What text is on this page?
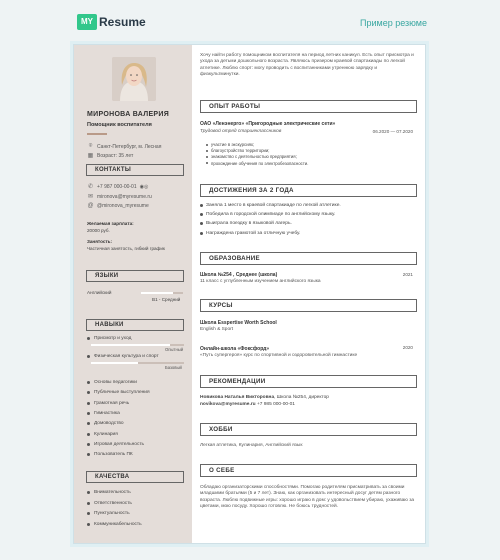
MY Resume	Пример резюме
МИРОНОВА ВАЛЕРИЯ
Помощник воспитателя
⌾ Санкт-Петербург, м. Лесная
▦ Возраст: 35 лет
КОНТАКТЫ
✆ +7 987 000-00-01 ◉◎
✉ mironova@myresume.ru
@ @mironova_myresume
Желаемая зарплата:
20000 руб.
Занятость:
Частичная занятость, гибкий график
ЯЗЫКИ
Английский
B1 - Средний
НАВЫКИ
Присмотр и уход
Опытный
Физическая культура и спорт
Базовый
Основы педагогики
Публичные выступления
Грамотная речь
Гимнастика
Домоводство
Кулинария
Игровая деятельность
Пользователь ПК
КАЧЕСТВА
Внимательность
Ответственность
Пунктуальность
Коммуникабельность
Хочу найти работу помощником воспитателя на период летних каникул. Есть опыт присмотра и ухода за детьми дошкольного возраста. Являюсь призером краевой спартакиады по легкой атлетике. Люблю спорт: могу проводить с воспитанниками утреннюю зарядку и физкультминутки.
ОПЫТ РАБОТЫ
ОАО «Ленэнерго» «Пригородные электрические сети»
Трудовой отряд старшеклассников	06.2020 — 07.2020
участие в экскурсиях;
благоустройство территории;
знакомство с деятельностью предприятия;
прохождение обучения по электробезопасности.
ДОСТИЖЕНИЯ ЗА 2 ГОДА
Заняла 1 место в краевой спартакиаде по легкой атлетике.
Победила в городской олимпиаде по английскому языку.
Выиграла поездку в языковой лагерь.
Награждена грамотой за отличную учебу.
ОБРАЗОВАНИЕ
Школа №254 , Среднее (школа)	2021
11 класс с углубленным изучением английского языка
КУРСЫ
Школа Esspertise Worth School
English & Sport
Онлайн-школа «Фоксфорд»	2020
«Путь супергероя» курс по спортивной и оздоровительной гимнастике
РЕКОМЕНДАЦИИ
Новикова Наталья Викторовна, Школа №254, директор
novikova@myresume.ru +7 985 000-00-01
ХОББИ
Легкая атлетика, Кулинария, Английский язык
О СЕБЕ
Обладаю организаторскими способностями. Помогаю родителям присматривать за своими младшими братьями (5 и 7 лет). Знаю, как организовать интересный досуг детям разного возраста. Люблю подвижные игры: хорошо играю в дом: у удовольствием убираю, ухаживаю за цветами, мою посуду. Хорошо готовлю. Не боюсь трудностей.
